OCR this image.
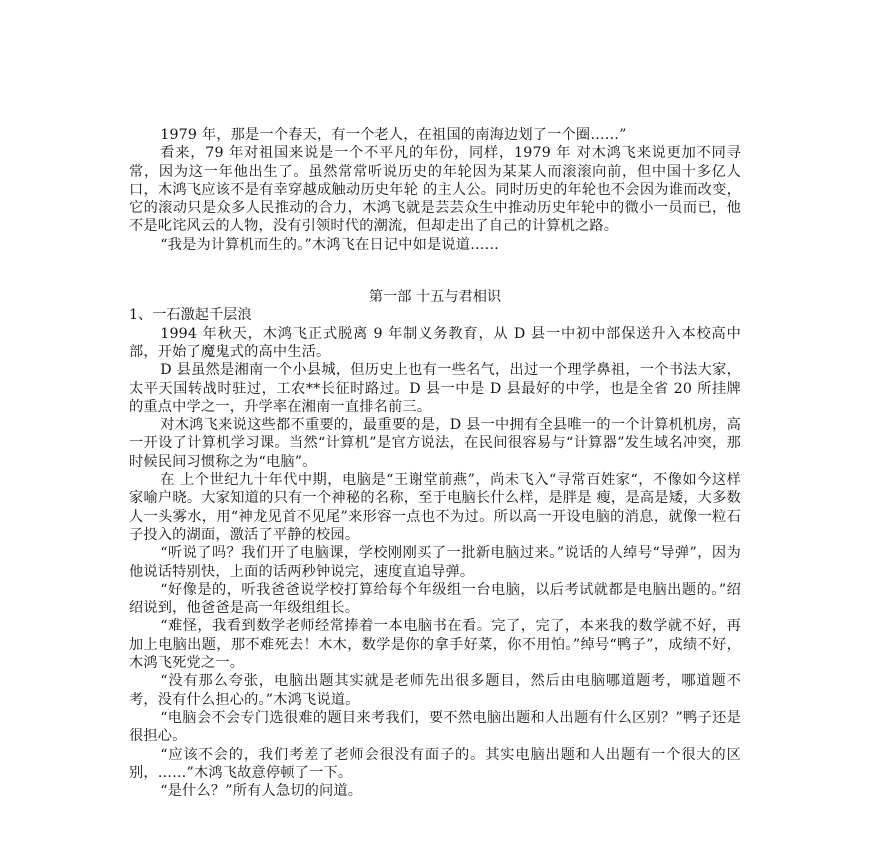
1979 年，那是一个春天，有一个老人，在祖国的南海边划了一个圈……”

看来，79 年对祖国来说是一个不平凡的年份，同样，1979 年 对木鸿飞来说更加不同寻常，因为这一年他出生了。虽然常常听说历史的年轮因为某某人而滚滚向前，但中国十多亿人口，木鸿飞应该不是有幸穿越成触动历史年轮 的主人公。同时历史的年轮也不会因为谁而改变，它的滚动只是众多人民推动的合力，木鸿飞就是芸芸众生中推动历史年轮中的微小一员而已，他不是叱诧风云的人物，没有引领时代的潮流，但却走出了自己的计算机之路。

“我是为计算机而生的。”木鸿飞在日记中如是说道……

第一部 十五与君相识

1、一石激起千层浪

1994 年秋天，木鸿飞正式脱离 9 年制义务教育，从 D 县一中初中部保送升入本校高中部，开始了魔鬼式的高中生活。

D 县虽然是湘南一个小县城，但历史上也有一些名气，出过一个理学鼻祖，一个书法大家，太平天国转战时驻过，工农**长征时路过。D 县一中是 D 县最好的中学，也是全省 20 所挂牌的重点中学之一，升学率在湘南一直排名前三。

对木鸿飞来说这些都不重要的，最重要的是，D 县一中拥有全县唯一的一个计算机机房，高一开设了计算机学习课。当然“计算机”是官方说法，在民间很容易与“计算器”发生域名冲突，那时候民间习惯称之为“电脑”。

在 上个世纪九十年代中期，电脑是“王谢堂前燕”，尚未飞入“寻常百姓家“，不像如今这样家喻户晓。大家知道的只有一个神秘的名称，至于电脑长什么样，是胖是 瘦，是高是矮，大多数人一头雾水，用“神龙见首不见尾”来形容一点也不为过。所以高一开设电脑的消息，就像一粒石子投入的湖面，激活了平静的校园。

“听说了吗？我们开了电脑课，学校刚刚买了一批新电脑过来。”说话的人绰号“导弹”，因为他说话特别快，上面的话两秒钟说完，速度直追导弹。

“好像是的，听我爸爸说学校打算给每个年级组一台电脑，以后考试就都是电脑出题的。”绍绍说到，他爸爸是高一年级组组长。

“难怪，我看到数学老师经常捧着一本电脑书在看。完了，完了，本来我的数学就不好，再加上电脑出题，那不难死去！木木，数学是你的拿手好菜，你不用怕。”绰号“鸭子”，成绩不好，木鸿飞死党之一。

“没有那么夸张，电脑出题其实就是老师先出很多题目，然后由电脑哪道题考，哪道题不考，没有什么担心的。”木鸿飞说道。

“电脑会不会专门选很难的题目来考我们，要不然电脑出题和人出题有什么区别？”鸭子还是很担心。

“应该不会的，我们考差了老师会很没有面子的。其实电脑出题和人出题有一个很大的区别，……”木鸿飞故意停顿了一下。

“是什么？”所有人急切的问道。
